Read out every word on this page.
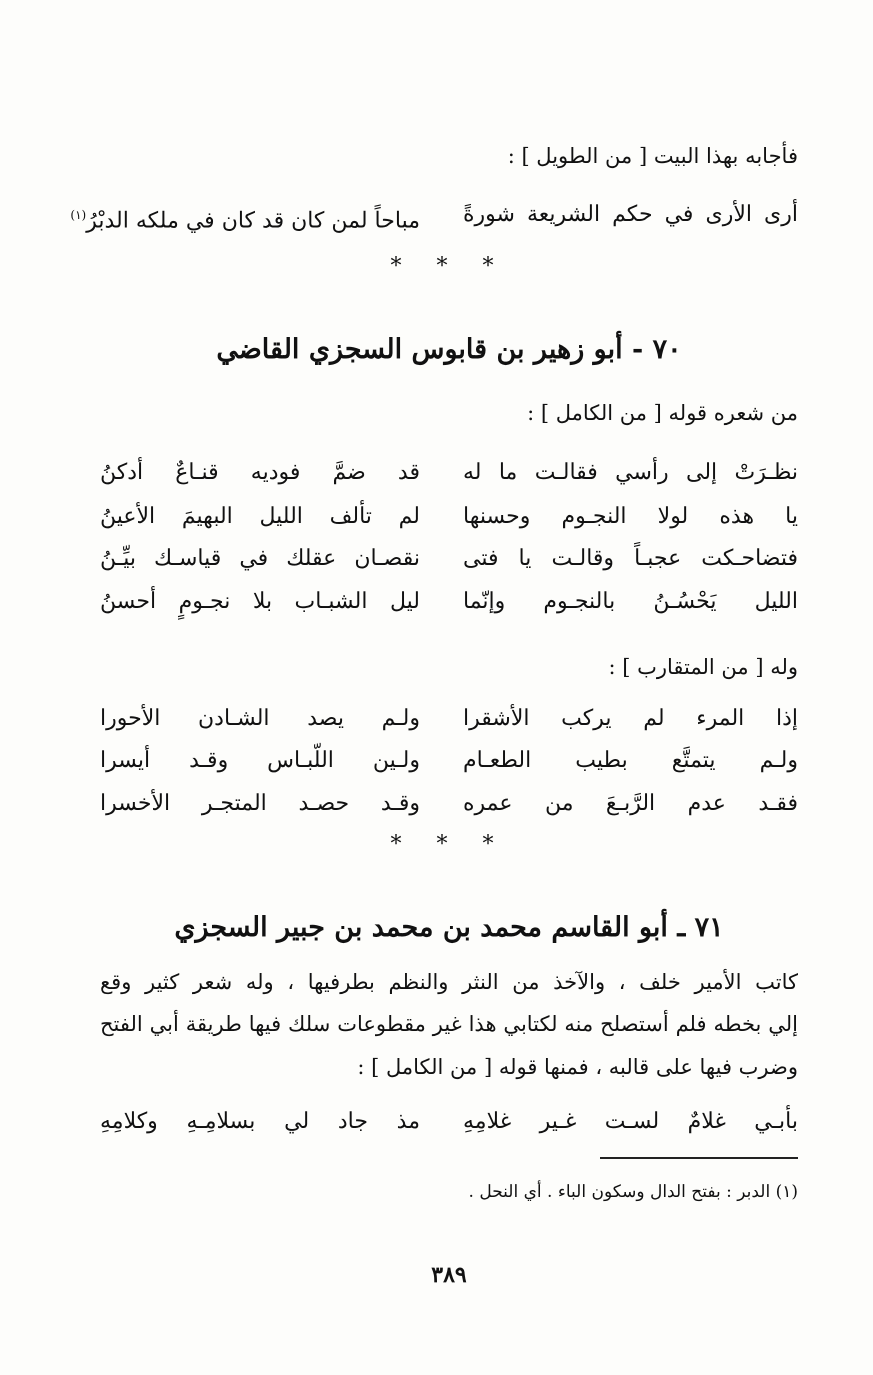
فأجابه بهذا البيت [ من الطويل ] :
أرى الأرى في حكم الشريعة شورةً
مباحاً لمن كان قد كان في ملكه الدبْرُ$^{(١)}$
* * *
٧٠ - أبو زهير بن قابوس السجزي القاضي
من شعره قوله [ من الكامل ] :
نظـرَتْ إلى رأسي فقالـت ما له
قد ضمَّ فوديه قنـاعٌ أدكنُ
يا هذه لولا النجـوم وحسنها
لم تألف الليل البهيمَ الأعينُ
فتضاحـكت عجبـاً وقالـت يا فتى
نقصـان عقلك في قياسـك بيِّـنُ
الليل يَحْسُـنُ بالنجـوم وإنّما
ليل الشبـاب بلا نجـومٍ أحسنُ
وله [ من المتقارب ] :
إذا المرء لم يركب الأشقرا
ولـم يصد الشـادن الأحورا
ولـم يتمتَّع بطيب الطعـام
ولـين اللّبـاس وقـد أيسرا
فقـد عدم الرَّبـعَ من عمره
وقـد حصـد المتجـر الأخسرا
* * *
٧١ ـ أبو القاسم محمد بن محمد بن جبير السجزي
كاتب الأمير خلف ، والآخذ من النثر والنظم بطرفيها ، وله شعر كثير وقع
إلي بخطه فلم أستصلح منه لكتابي هذا غير مقطوعات سلك فيها طريقة أبي الفتح
وضرب فيها على قالبه ، فمنها قوله [ من الكامل ] :
بأبـي غلامٌ لسـت غـير غلامِهِ
مذ جاد لي بسلامِـهِ وكلامِهِ
(١) الدبر : بفتح الدال وسكون الباء . أي النحل .
٣٨٩
